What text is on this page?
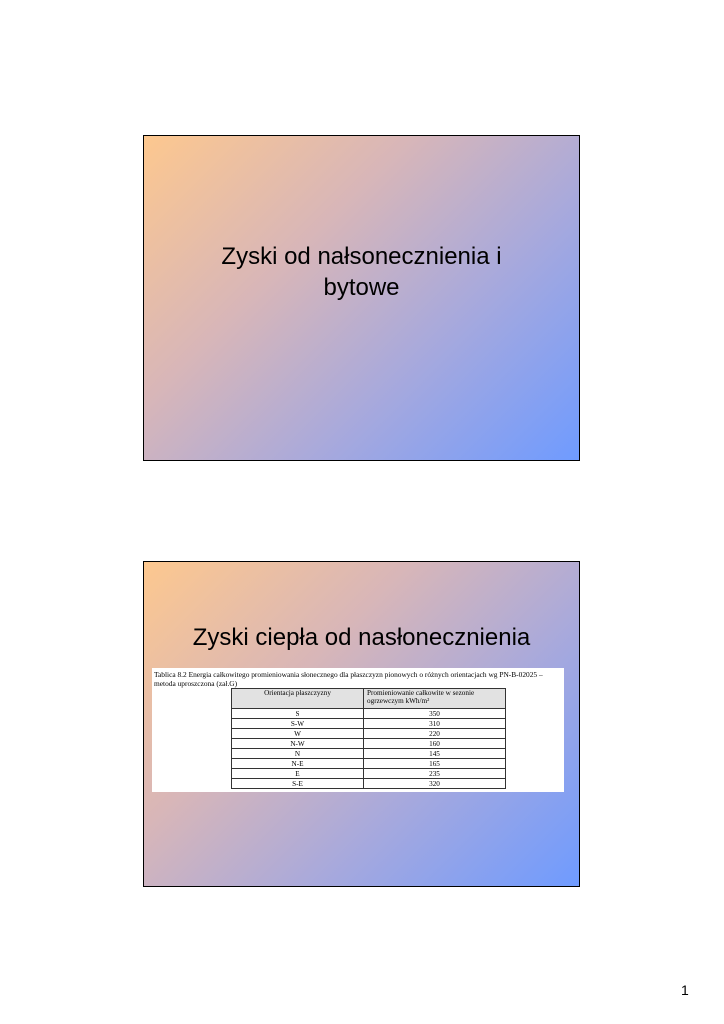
Zyski od nałsonecznienia i
bytowe
Zyski ciepła od nasłonecznienia
Tablica 8.2 Energia całkowitego promieniowania słonecznego dla płaszczyzn pionowych o różnych orientacjach wg PN-B-02025 – metoda uproszczona (zał.G)
Orientacja płaszczyzny	Promieniowanie całkowite w sezonie ogrzewczym kWh/m²
S	350
S-W	310
W	220
N-W	160
N	145
N-E	165
E	235
S-E	320
1
